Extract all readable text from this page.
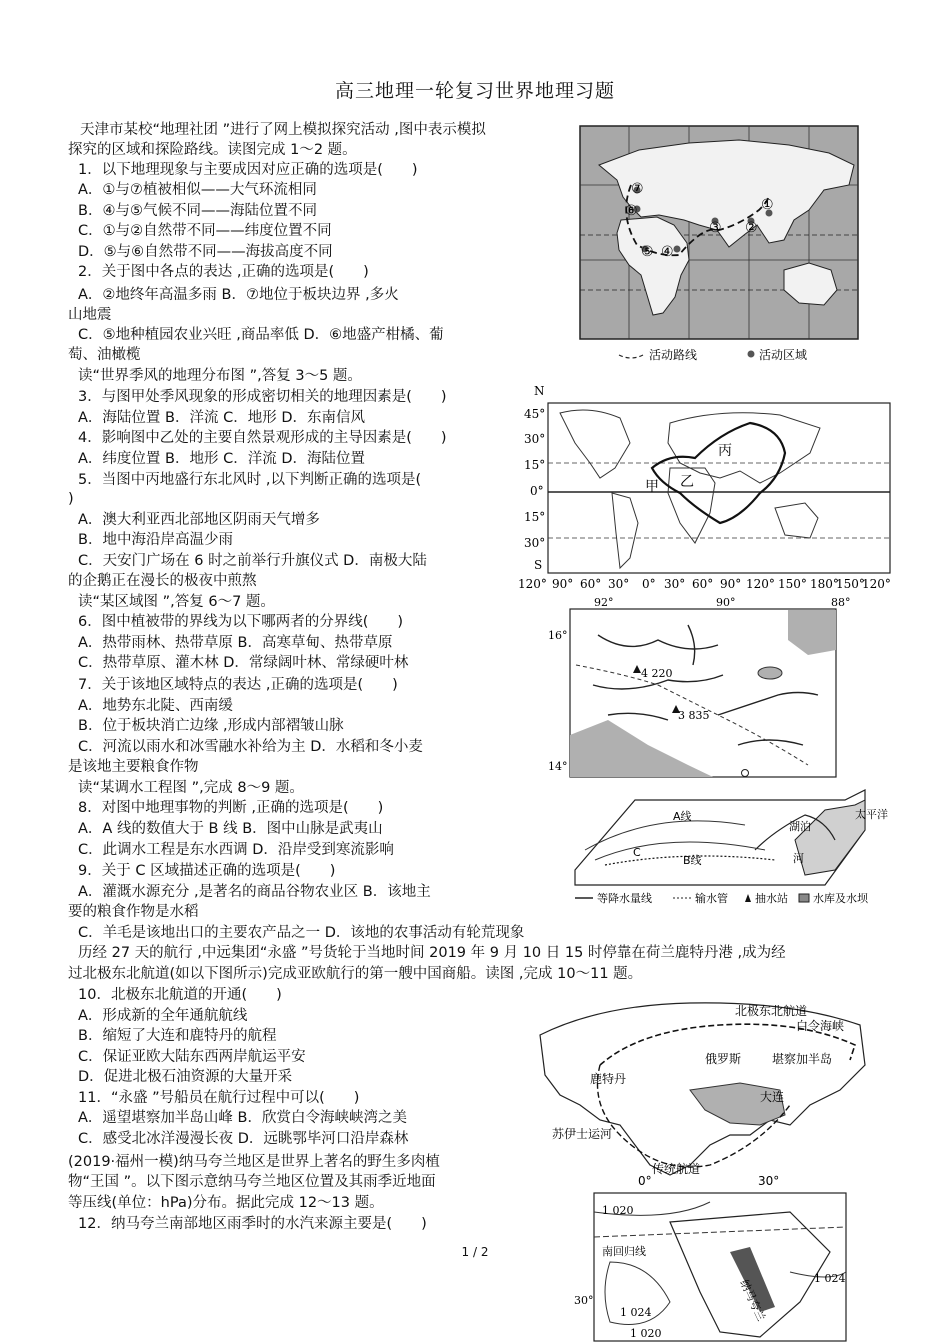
高三地理一轮复习世界地理习题
天津市某校“地理社团 ”进行了网上模拟探究活动 ,图中表示模拟
探究的区域和探险路线。读图完成 1～2 题。
1．以下地理现象与主要成因对应正确的选项是(　　)
A．①与⑦植被相似——大气环流相同
B．④与⑤气候不同——海陆位置不同
C．①与②自然带不同——纬度位置不同
D．⑤与⑥自然带不同——海拔高度不同
2．关于图中各点的表达 ,正确的选项是(　　)
A．②地终年高温多雨 B．⑦地位于板块边界 ,多火
山地震
C．⑤地种植园农业兴旺 ,商品率低 D．⑥地盛产柑橘、葡
萄、油橄榄
读“世界季风的地理分布图 ”,答复 3～5 题。
3．与图甲处季风现象的形成密切相关的地理因素是(　　)
A．海陆位置 B．洋流 C．地形 D．东南信风
4．影响图中乙处的主要自然景观形成的主导因素是(　　)
A．纬度位置 B．地形 C．洋流 D．海陆位置
5．当图中丙地盛行东北风时 ,以下判断正确的选项是(
)
A．澳大利亚西北部地区阴雨天气增多
B．地中海沿岸高温少雨
C．天安门广场在 6 时之前举行升旗仪式 D．南极大陆
的企鹅正在漫长的极夜中煎熬
读“某区域图 ”,答复 6～7 题。
6．图中植被带的界线为以下哪两者的分界线(　　)
A．热带雨林、热带草原 B．高寒草甸、热带草原
C．热带草原、灌木林 D．常绿阔叶林、常绿硬叶林
7．关于该地区域特点的表达 ,正确的选项是(　　)
A．地势东北陡、西南缓
B．位于板块消亡边缘 ,形成内部褶皱山脉
C．河流以雨水和冰雪融水补给为主 D．水稻和冬小麦
是该地主要粮食作物
读“某调水工程图 ”,完成 8～9 题。
8．对图中地理事物的判断 ,正确的选项是(　　)
A．A 线的数值大于 B 线 B．图中山脉是武夷山
C．此调水工程是东水西调 D．沿岸受到寒流影响
9．关于 C 区域描述正确的选项是(　　)
A．灌溉水源充分 ,是著名的商品谷物农业区 B．该地主
要的粮食作物是水稻
C．羊毛是该地出口的主要农产品之一 D．该地的农事活动有轮荒现象
历经 27 天的航行 ,中远集团“永盛 ”号货轮于当地时间 2019 年 9 月 10 日 15 时停靠在荷兰鹿特丹港 ,成为经
过北极东北航道(如以下图所示)完成亚欧航行的第一艘中国商船。读图 ,完成 10～11 题。
10．北极东北航道的开通(　　)
A．形成新的全年通航航线
B．缩短了大连和鹿特丹的航程
C．保证亚欧大陆东西两岸航运平安
D．促进北极石油资源的大量开采
11．“永盛 ”号船员在航行过程中可以(　　)
A．遥望堪察加半岛山峰 B．欣赏白令海峡峡湾之美
C．感受北冰洋漫漫长夜 D．远眺鄂毕河口沿岸森林
(2019·福州一模)纳马夸兰地区是世界上著名的野生多肉植
物“王国 ”。以下图示意纳马夸兰地区位置及其雨季近地面
等压线(单位：hPa)分布。据此完成 12～13 题。
12．纳马夸兰南部地区雨季时的水汽来源主要是(　　)
①
②
③
④
⑤
⑥
⑦
活动路线	活动区域
N
45°
30°
15°
0°
15°
30°
S
甲 乙
丙
120° 90° 60° 30° 0° 30° 60° 90° 120° 150° 180°
150°
120°
92°	90°	88°
16°
14°
4 220
3 835
A线
B线
C
湖泊
河
太平洋
等降水量线	输水管 抽水站 水库及水坝
北极东北航道
白令海峡
俄罗斯	堪察加半岛
鹿特丹
大连
苏伊士运河
传统航道
0°	30°
1 020
南回归线
纳马夸兰	1 024
1 024
30°
1 020
1 / 2
